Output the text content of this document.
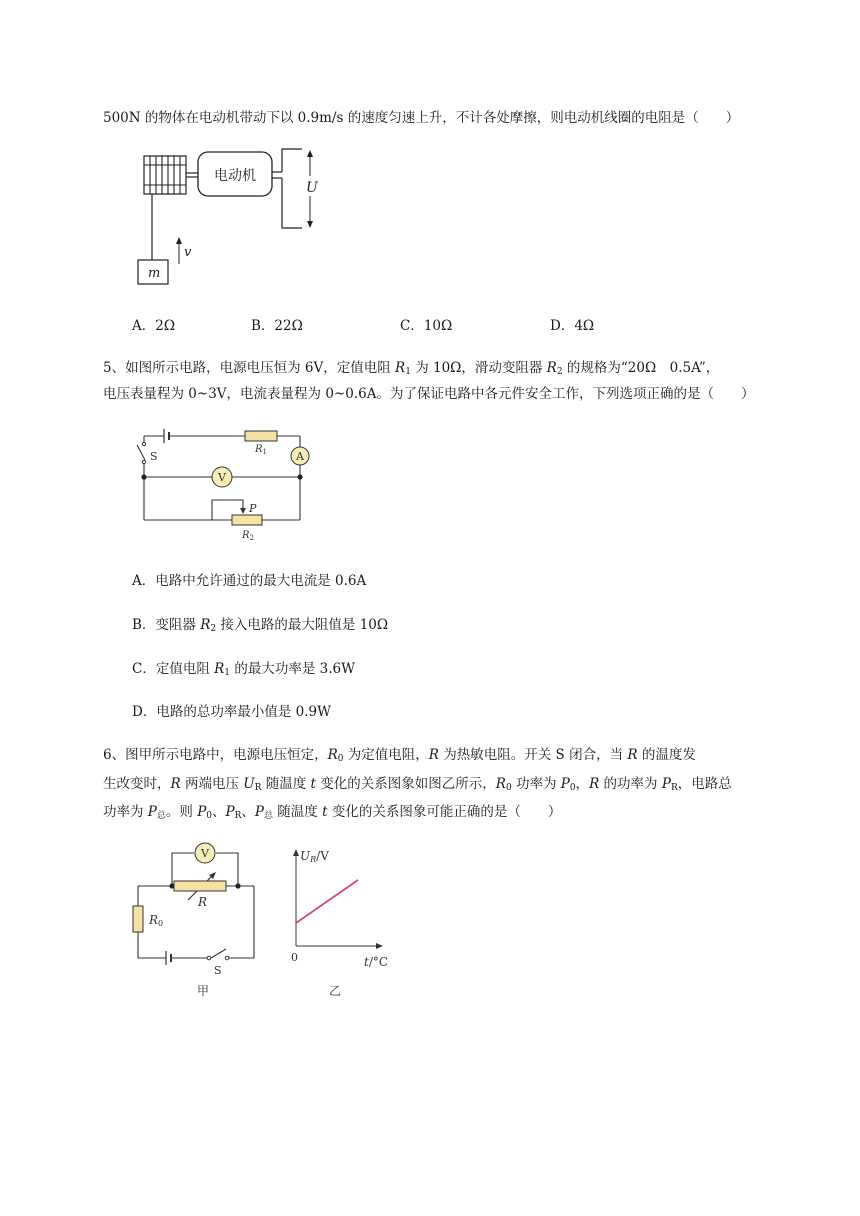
500N 的物体在电动机带动下以 0.9m/s 的速度匀速上升，不计各处摩擦，则电动机线圈的电阻是（　　）
电动机
U
m
v
A．2Ω	B．22Ω	C．10Ω	D．4Ω
5、如图所示电路，电源电压恒为 6V，定值电阻 $R_1$ 为 10Ω，滑动变阻器 $R_2$ 的规格为“20Ω　0.5A”，
电压表量程为 0~3V，电流表量程为 0~0.6A。为了保证电路中各元件安全工作，下列选项正确的是（　　）
$R_1$	A
V
P
$R_2$
S
A．电路中允许通过的最大电流是 0.6A
B．变阻器 $R_2$ 接入电路的最大阻值是 10Ω
C．定值电阻 $R_1$ 的最大功率是 3.6W
D．电路的总功率最小值是 0.9W
6、图甲所示电路中，电源电压恒定，$R_0$ 为定值电阻，R 为热敏电阻。开关 S 闭合，当 R 的温度发
生改变时，R 两端电压 $U_R$ 随温度 t 变化的关系图象如图乙所示，$R_0$ 功率为 $P_0$，R 的功率为 $P_R$，电路总
功率为 $P_总$。则 $P_0$、$P_R$、$P_总$ 随温度 t 变化的关系图象可能正确的是（　　）
V
R
R0
S
甲
UR/V
0	t/°C
乙
